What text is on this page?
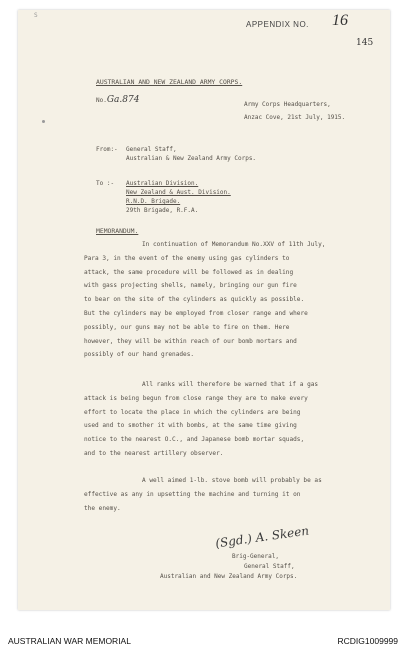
S
APPENDIX NO. 16
145
AUSTRALIAN AND NEW ZEALAND ARMY CORPS.
No.Ga.874	Army Corps Headquarters,
Anzac Cove, 21st July, 1915.
From:- General Staff,
Australian & New Zealand Army Corps.
To :- Australian Division.
New Zealand & Aust. Division.
R.N.D. Brigade.
29th Brigade, R.F.A.
MEMORANDUM.
In continuation of Memorandum No.XXV of 11th July,
Para 3, in the event of the enemy using gas cylinders to
attack, the same procedure will be followed as in dealing
with gass projecting shells, namely, bringing our gun fire
to bear on the site of the cylinders as quickly as possible.
But the cylinders may be employed from closer range and where
possibly, our guns may not be able to fire on them. Here
however, they will be within reach of our bomb mortars and
possibly of our hand grenades.
All ranks will therefore be warned that if a gas
attack is being begun from close range they are to make every
effort to locate the place in which the cylinders are being
used and to smother it with bombs, at the same time giving
notice to the nearest O.C., and Japanese bomb mortar squads,
and to the nearest artillery observer.
A well aimed 1-lb. stove bomb will probably be as
effective as any in upsetting the machine and turning it on
the enemy.
(Sgd.) A. Skeen
Brig-General,
General Staff,
Australian and New Zealand Army Corps.
AUSTRALIAN WAR MEMORIAL	RCDIG1009999
